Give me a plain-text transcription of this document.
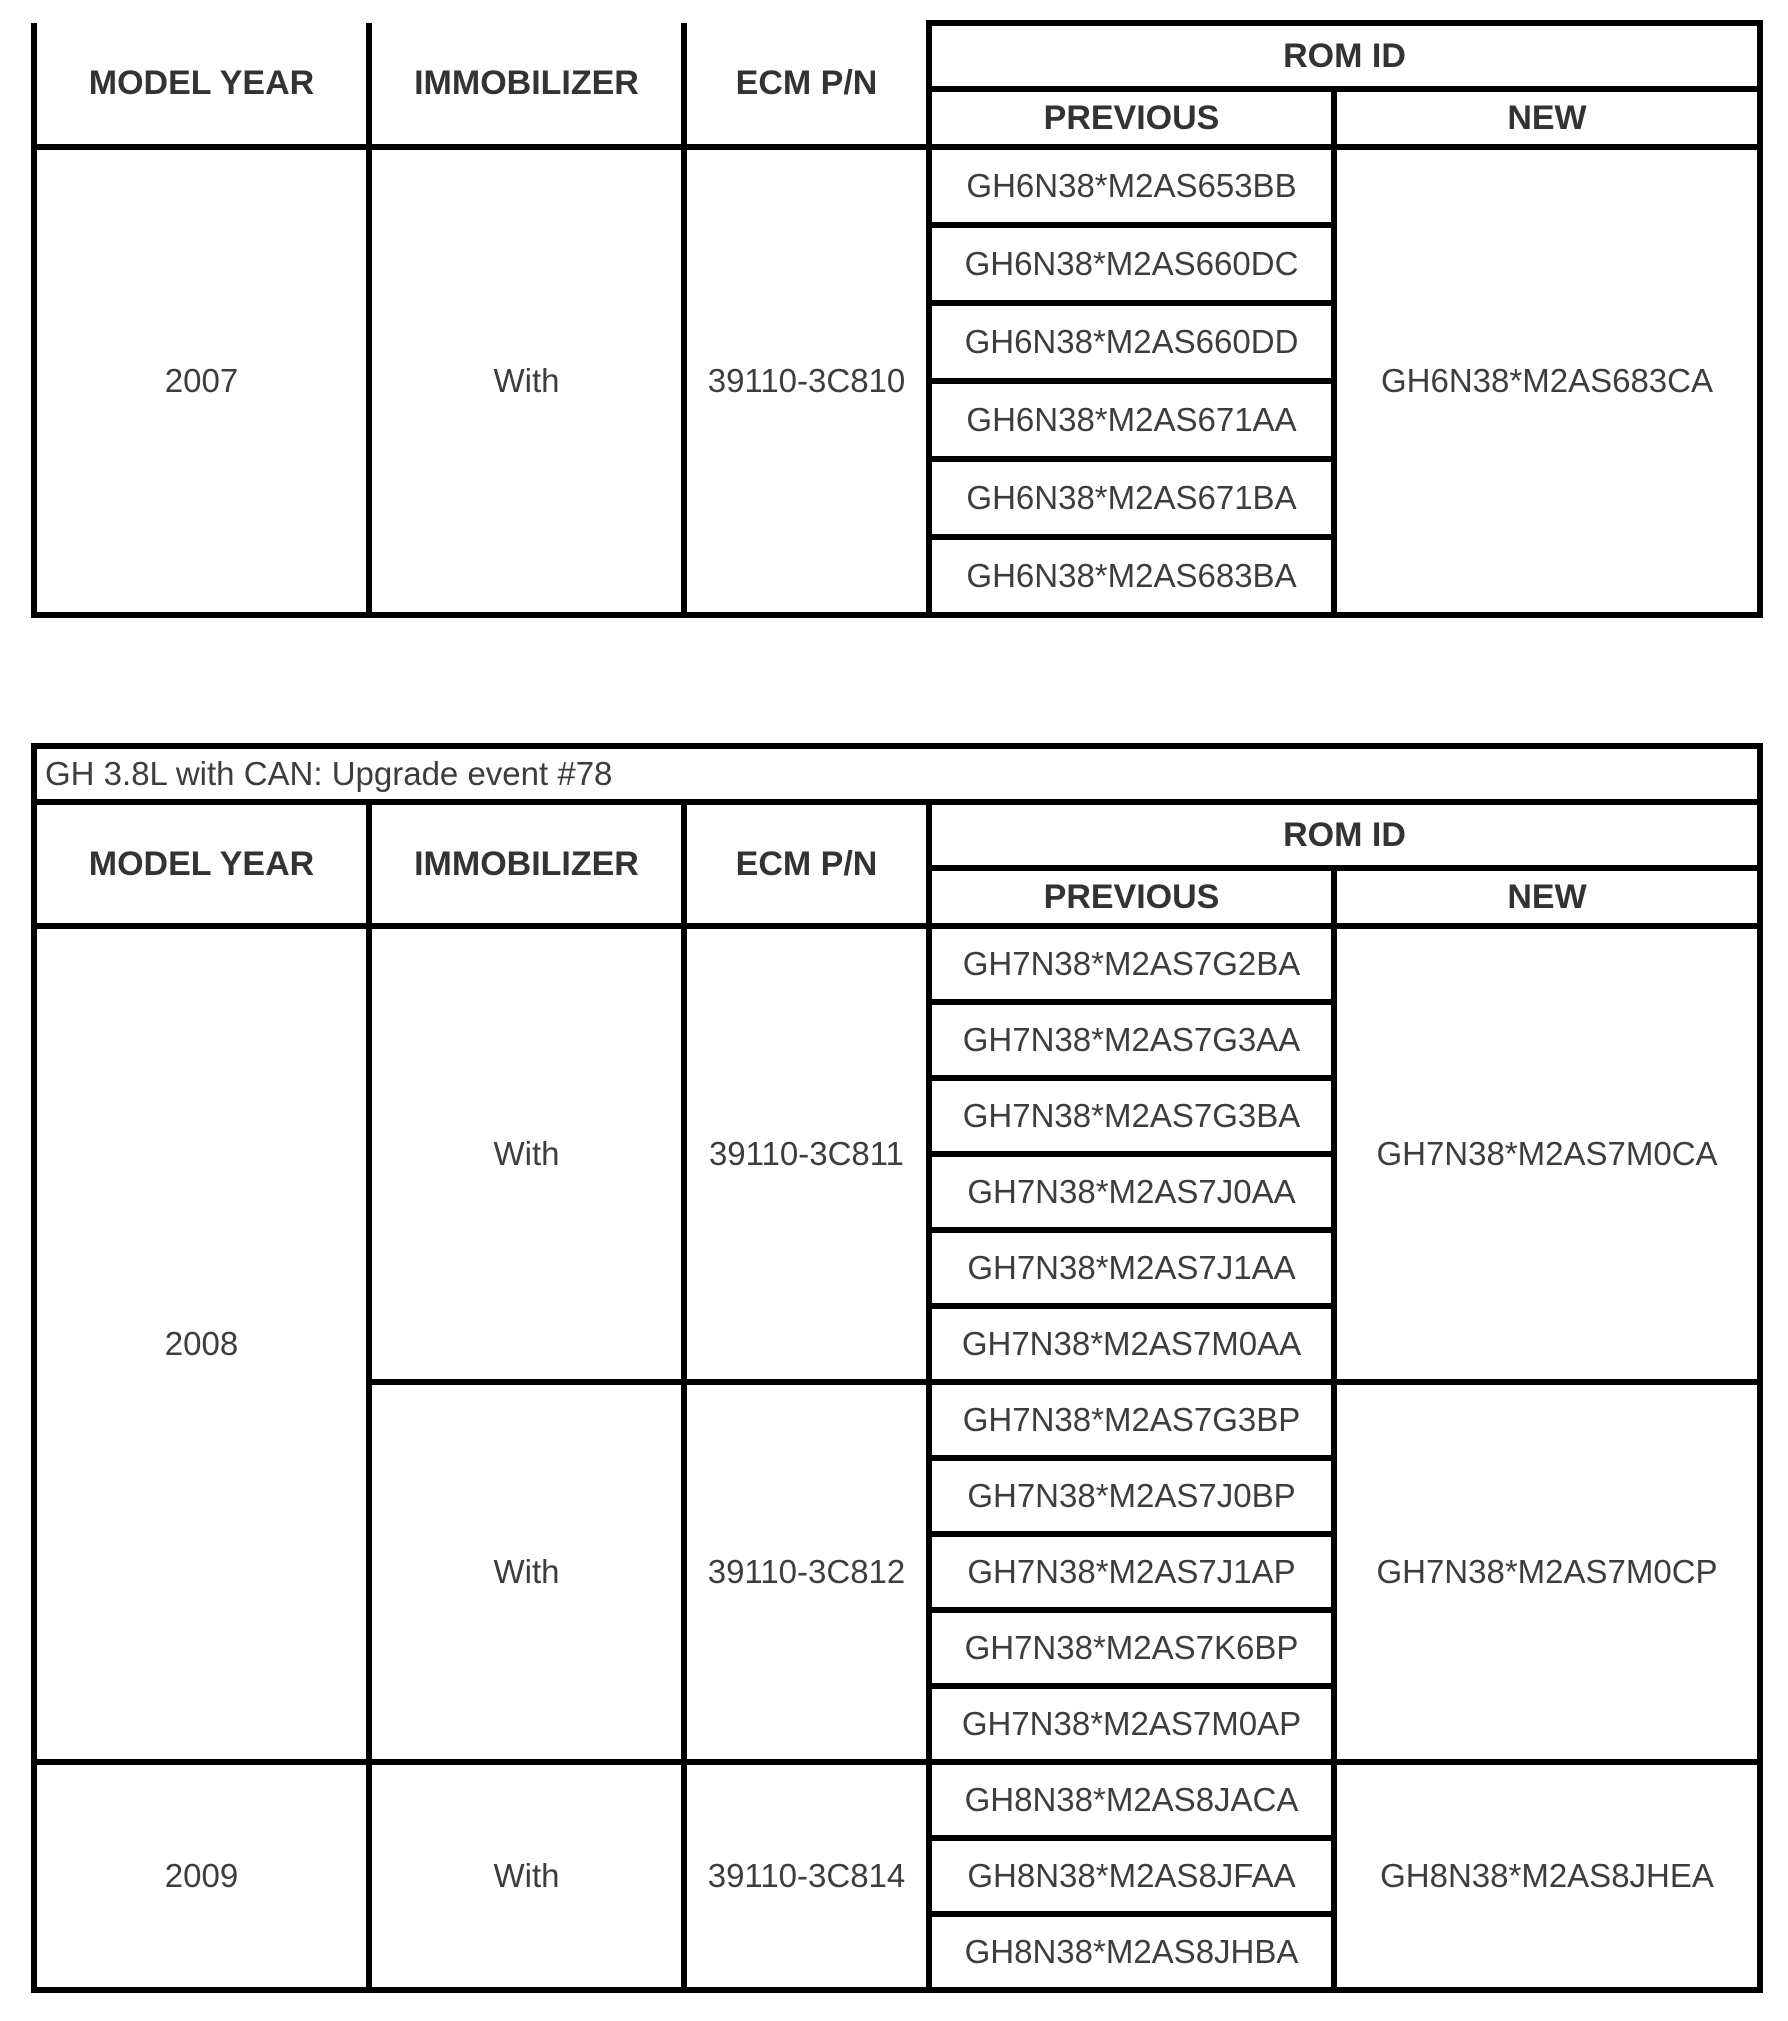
MODEL YEAR	IMMOBILIZER	ECM P/N	ROM ID	
			PREVIOUS	NEW
2007	With	39110-3C810	GH6N38*M2AS653BB	GH6N38*M2AS683CA
			GH6N38*M2AS660DC	
			GH6N38*M2AS660DD	
			GH6N38*M2AS671AA	
			GH6N38*M2AS671BA	
			GH6N38*M2AS683BA	
GH 3.8L with CAN: Upgrade event #78				
MODEL YEAR	IMMOBILIZER	ECM P/N	ROM ID	
			PREVIOUS	NEW
2008	With	39110-3C811	GH7N38*M2AS7G2BA	GH7N38*M2AS7M0CA
			GH7N38*M2AS7G3AA	
			GH7N38*M2AS7G3BA	
			GH7N38*M2AS7J0AA	
			GH7N38*M2AS7J1AA	
			GH7N38*M2AS7M0AA	
	With	39110-3C812	GH7N38*M2AS7G3BP	GH7N38*M2AS7M0CP
			GH7N38*M2AS7J0BP	
			GH7N38*M2AS7J1AP	
			GH7N38*M2AS7K6BP	
			GH7N38*M2AS7M0AP	
2009	With	39110-3C814	GH8N38*M2AS8JACA	GH8N38*M2AS8JHEA
			GH8N38*M2AS8JFAA	
			GH8N38*M2AS8JHBA	
